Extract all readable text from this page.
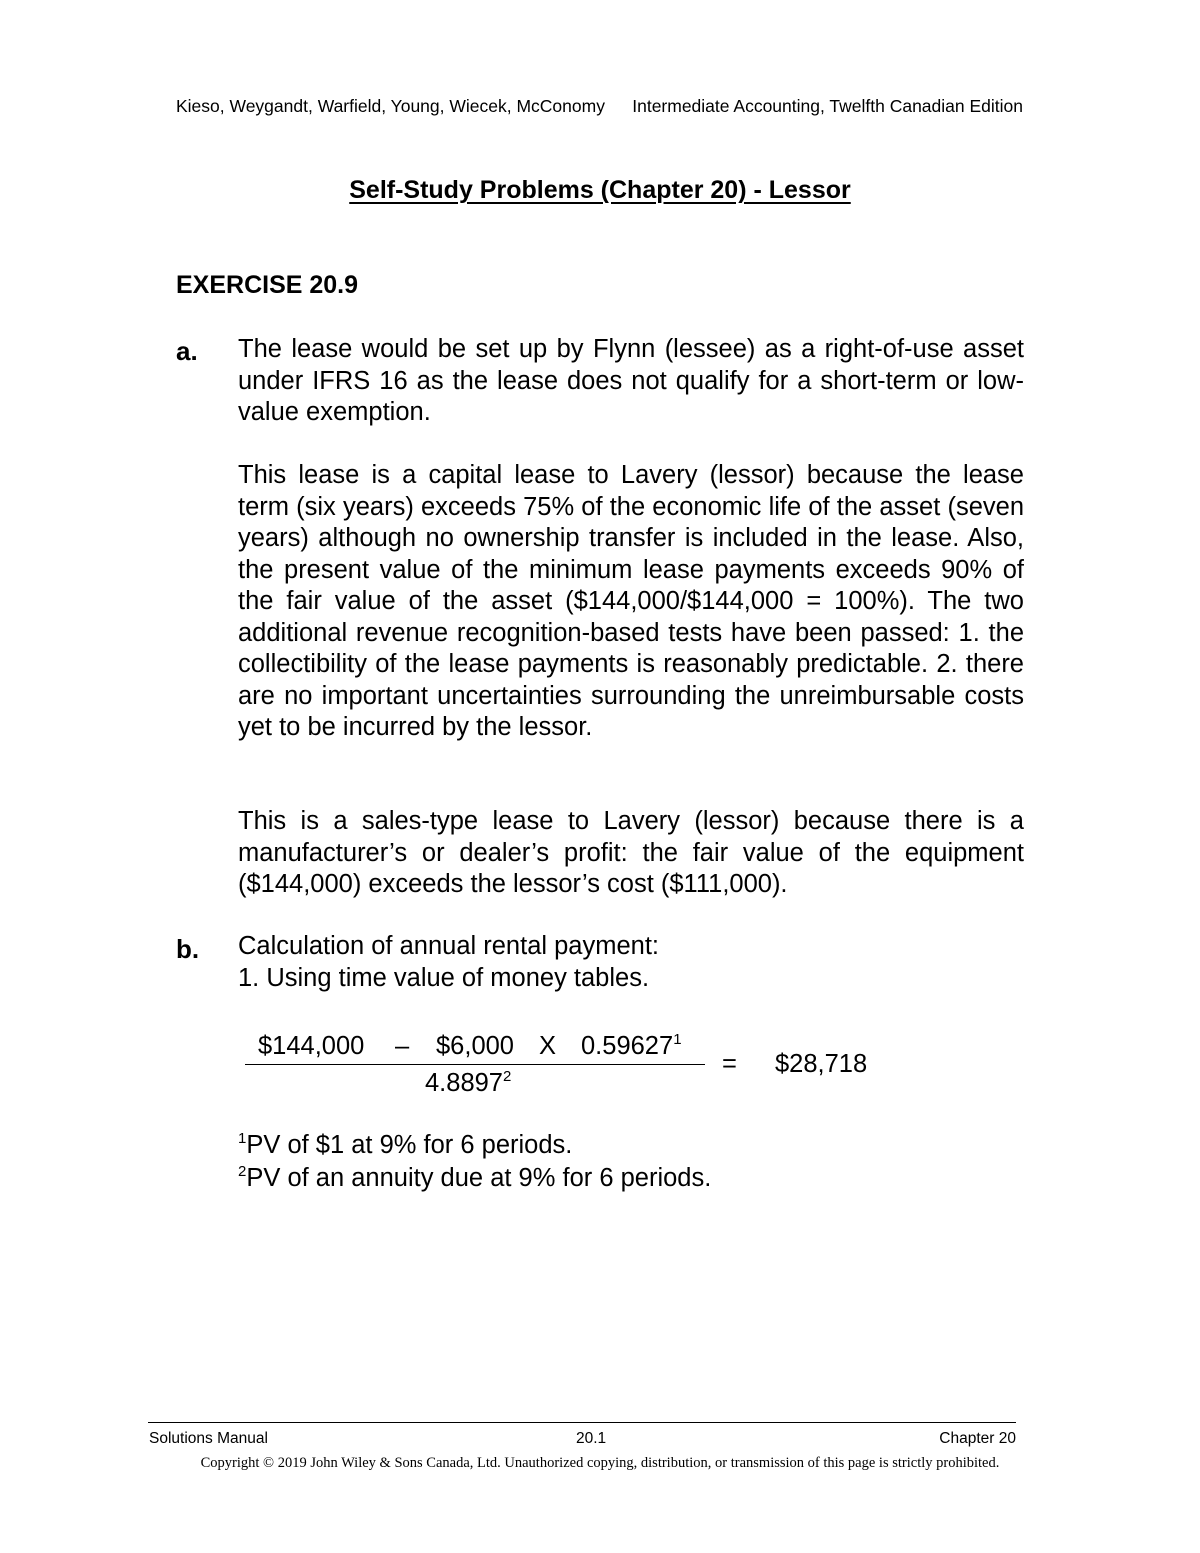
Kieso, Weygandt, Warfield, Young, Wiecek, McConomy Intermediate Accounting, Twelfth Canadian Edition
Self-Study Problems (Chapter 20) - Lessor
EXERCISE 20.9
a. The lease would be set up by Flynn (lessee) as a right-of-use asset under IFRS 16 as the lease does not qualify for a short-term or low-value exemption.

This lease is a capital lease to Lavery (lessor) because the lease term (six years) exceeds 75% of the economic life of the asset (seven years) although no ownership transfer is included in the lease. Also, the present value of the minimum lease payments exceeds 90% of the fair value of the asset ($144,000/$144,000 = 100%). The two additional revenue recognition-based tests have been passed: 1. the collectibility of the lease payments is reasonably predictable. 2. there are no important uncertainties surrounding the unreimbursable costs yet to be incurred by the lessor.

This is a sales-type lease to Lavery (lessor) because there is a manufacturer’s or dealer’s profit: the fair value of the equipment ($144,000) exceeds the lessor’s cost ($111,000).

b. Calculation of annual rental payment:
1. Using time value of money tables.
$144,000 – $6,000 X 0.59627$^1$
$4.8897^2$	= $28,718
$^1$PV of $1 at 9% for 6 periods.
$^2$PV of an annuity due at 9% for 6 periods.
Solutions Manual	20.1	Chapter 20
Copyright © 2019 John Wiley & Sons Canada, Ltd. Unauthorized copying, distribution, or transmission of this page is strictly prohibited.
